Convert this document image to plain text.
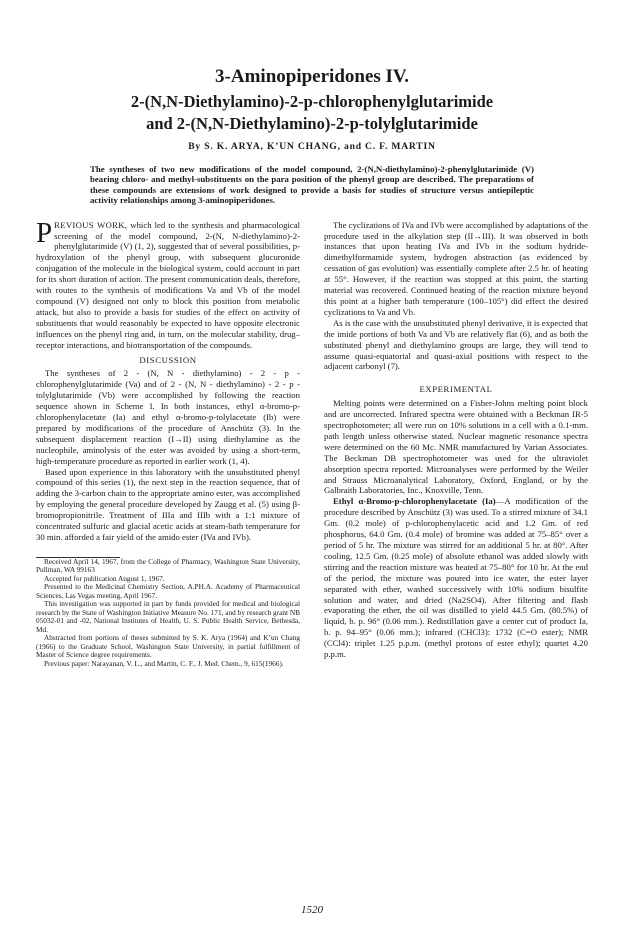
3-Aminopiperidones IV.
2-(N,N-Diethylamino)-2-p-chlorophenylglutarimide
and 2-(N,N-Diethylamino)-2-p-tolylglutarimide
By S. K. ARYA, K’UN CHANG, and C. F. MARTIN
The syntheses of two new modifications of the model compound, 2-(N,N-diethylamino)-2-phenylglutarimide (V) bearing chloro- and methyl-substituents on the para position of the phenyl group are described. The preparations of these compounds are extensions of work designed to provide a basis for studies of structure versus antiepileptic activity relationships among 3-aminopiperidones.

PREVIOUS WORK, which led to the synthesis and pharmacological screening of the model compound, 2-(N, N-diethylamino)-2-phenylglutarimide (V) (1, 2), suggested that of several possibilities, p-hydroxylation of the phenyl group, with subsequent glucuronide conjugation of the molecule in the biological system, could account in part for its short duration of action. The present communication deals, therefore, with routes to the synthesis of modifications Va and Vb of the model compound (V) designed not only to block this position from metabolic attack, but also to provide a basis for studies of the effect on activity of substituents that would reasonably be expected to have opposite electronic influences on the phenyl ring and, in turn, on the molecular stability, drug–receptor interactions, and biotransportation of the compounds.

DISCUSSION

The syntheses of 2 - (N, N - diethylamino) - 2 - p - chlorophenylglutarimide (Va) and of 2 - (N, N - diethylamino) - 2 - p - tolylglutarimide (Vb) were accomplished by following the reaction sequence shown in Scheme I. In both instances, ethyl α-bromo-p-chlorophenylacetate (Ia) and ethyl α-bromo-p-tolylacetate (Ib) were prepared by modifications of the procedure of Anschütz (3). In the subsequent displacement reaction (I→II) using diethylamine as the nucleophile, aminolysis of the ester was avoided by using a short-term, high-temperature procedure as reported in earlier work (1, 4).

Based upon experience in this laboratory with the unsubstituted phenyl compound of this series (1), the next step in the reaction sequence, that of adding the 3-carbon chain to the appropriate amino ester, was accomplished by employing the general procedure developed by Zaugg et al. (5) using β-bromopropionitrile. Treatment of IIIa and IIIb with a 1:1 mixture of concentrated sulfuric and glacial acetic acids at steam-bath temperature for 30 min. afforded a fair yield of the amido ester (IVa and IVb).

Received April 14, 1967, from the College of Pharmacy, Washington State University, Pullman, WA 99163

Accepted for publication August 1, 1967.

Presented to the Medicinal Chemistry Section, A.PH.A. Academy of Pharmaceutical Sciences, Las Vegas meeting, April 1967.

This investigation was supported in part by funds provided for medical and biological research by the State of Washington Initiative Measure No. 171, and by research grant NB 05032-01 and -02, National Institutes of Health, U. S. Public Health Service, Bethesda, Md.

Abstracted from portions of theses submitted by S. K. Arya (1964) and K’un Chang (1966) to the Graduate School, Washington State University, in partial fulfillment of Master of Science degree requirements.

Previous paper: Narayanan, V. L., and Martin, C. F., J. Med. Chem., 9, 615(1966).

The cyclizations of IVa and IVb were accomplished by adaptations of the procedure used in the alkylation step (II→III). It was observed in both instances that upon heating IVa and IVb in the sodium hydride-dimethylformamide system, hydrogen abstraction (as evidenced by cessation of gas evolution) was essentially complete after 2.5 hr. of heating at 55°. However, if the reaction was stopped at this point, the starting material was recovered. Continued heating of the reaction mixture beyond this point at a higher bath temperature (100–105°) did effect the desired cyclizations to Va and Vb.

As is the case with the unsubstituted phenyl derivative, it is expected that the imide portions of both Va and Vb are relatively flat (6), and as both the substituted phenyl and diethylamino groups are large, they will tend to assume quasi-equatorial and quasi-axial positions with respect to the adjacent carbonyl (7).

EXPERIMENTAL

Melting points were determined on a Fisher-Johns melting point block and are uncorrected. Infrared spectra were obtained with a Beckman IR-5 spectrophotometer; all were run on 10% solutions in a cell with a 0.1-mm. path length unless otherwise stated. Nuclear magnetic resonance spectra were determined on the 60 Mc. NMR manufactured by Varian Associates. The Beckman DB spectrophotometer was used for the ultraviolet absorption spectra reported. Microanalyses were performed by the Weiler and Strauss Microanalytical Laboratory, Oxford, England, or by the Galbraith Laboratories, Inc., Knoxville, Tenn.

Ethyl α-Bromo-p-chlorophenylacetate (Ia)—A modification of the procedure described by Anschütz (3) was used. To a stirred mixture of 34.1 Gm. (0.2 mole) of p-chlorophenylacetic acid and 1.2 Gm. of red phosphorus, 64.0 Gm. (0.4 mole) of bromine was added at 75–85° over a period of 5 hr. The mixture was stirred for an additional 5 hr. at 80°. After cooling, 12.5 Gm. (0.25 mole) of absolute ethanol was added slowly with stirring and the reaction mixture was heated at 75–80° for 10 hr. At the end of the period, the mixture was poured into ice water, the ester layer separated with ether, washed successively with 10% sodium bisulfite solution and water, and dried (Na2SO4). After filtering and flash evaporating the ether, the oil was distilled to yield 44.5 Gm. (80.5%) of liquid, b. p. 96° (0.06 mm.). Redistillation gave a center cut of product Ia, b. p. 94–95° (0.06 mm.); infrared (CHCl3): 1732 (C=O ester); NMR (CCl4): triplet 1.25 p.p.m. (methyl protons of ester ethyl); quartet 4.20 p.p.m.

1520
